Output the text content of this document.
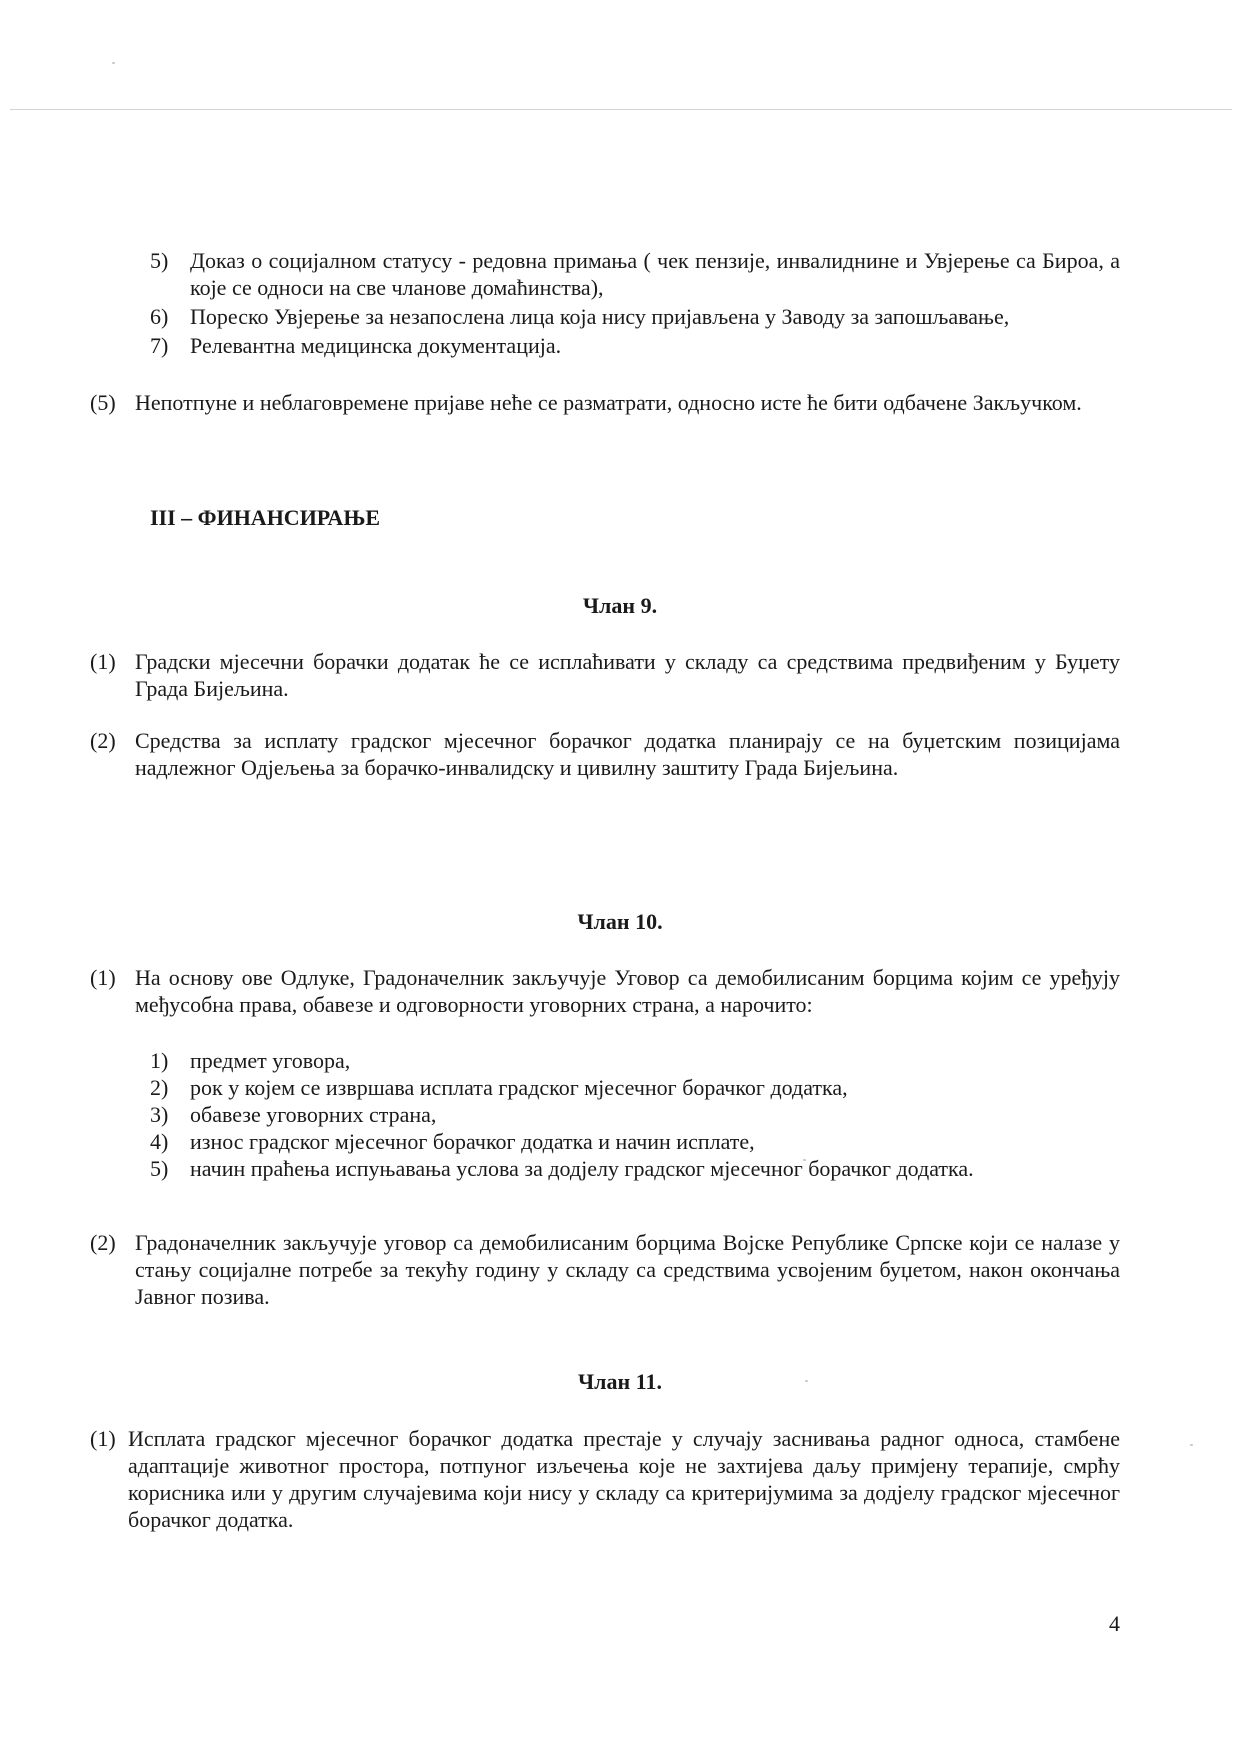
5) Доказ о социјалном статусу - редовна примања ( чек пензије, инвалиднине и Увјерење са Бироа, а које се односи на све чланове домаћинства),
6) Пореско Увјерење за незапослена лица која нису пријављена у Заводу за запошљавање,
7) Релевантна медицинска документација.
(5) Непотпуне и неблаговремене пријаве неће се разматрати, односно исте ће бити одбачене Закључком.
III – ФИНАНСИРАЊЕ
Члан 9.
(1) Градски мјесечни борачки додатак ће се исплаћивати у складу са средствима предвиђеним у Буџету Града Бијељина.
(2) Средства за исплату градског мјесечног борачког додатка планирају се на буџетским позицијама надлежног Одјељења за борачко-инвалидску и цивилну заштиту Града Бијељина.
Члан 10.
(1) На основу ове Одлуке, Градоначелник закључује Уговор са демобилисаним борцима којим се уређују међусобна права, обавезе и одговорности уговорних страна, а нарочито:
1) предмет уговора,
2) рок у којем се извршава исплата градског мјесечног борачког додатка,
3) обавезе уговорних страна,
4) износ градског мјесечног борачког додатка и начин исплате,
5) начин праћења испуњавања услова за додјелу градског мјесечног борачког додатка.
(2) Градоначелник закључује уговор са демобилисаним борцима Војске Републике Српске који се налазе у стању социјалне потребе за текућу годину у складу са средствима усвојеним буџетом, након окончања Јавног позива.
Члан 11.
(1) Исплата градског мјесечног борачког додатка престаје у случају заснивања радног односа, стамбене адаптације животног простора, потпуног изљечења које не захтијева даљу примјену терапије, смрћу корисника или у другим случајевима који нису у складу са критеријумима за додјелу градског мјесечног борачког додатка.
4
